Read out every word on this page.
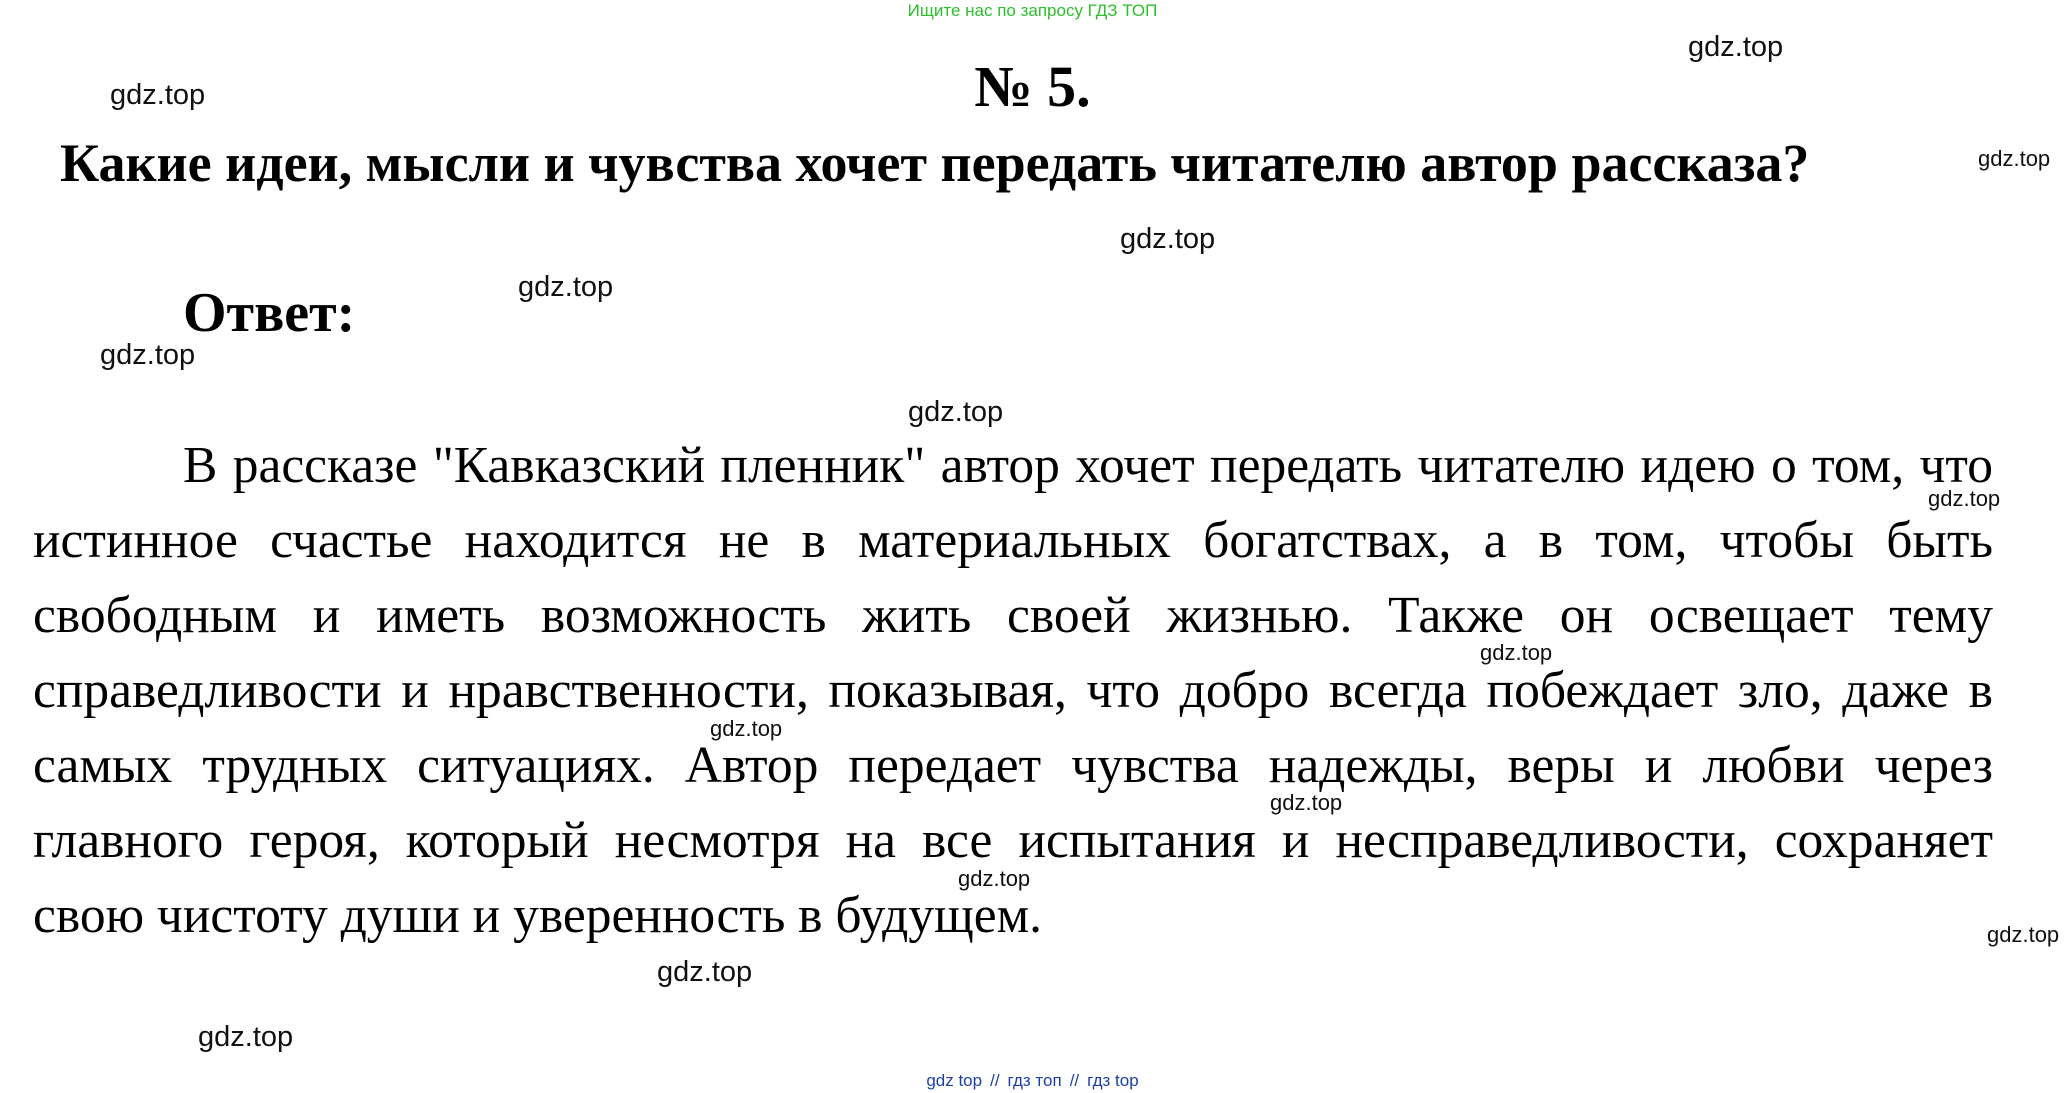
Ищите нас по запросу ГДЗ ТОП
№ 5.
Какие идеи, мысли и чувства хочет передать читателю автор рассказа?
Ответ:
В рассказе "Кавказский пленник" автор хочет передать читателю идею о том, что истинное счастье находится не в материальных богатствах, а в том, чтобы быть свободным и иметь возможность жить своей жизнью. Также он освещает тему справедливости и нравственности, показывая, что добро всегда побеждает зло, даже в самых трудных ситуациях. Автор передает чувства надежды, веры и любви через главного героя, который несмотря на все испытания и несправедливости, сохраняет свою чистоту души и уверенность в будущем.
gdz.top
gdz.top
gdz.top
gdz.top
gdz.top
gdz.top
gdz.top
gdz.top
gdz.top
gdz.top
gdz.top
gdz.top
gdz.top
gdz.top
gdz.top
gdz top // гдз топ // гдз top
